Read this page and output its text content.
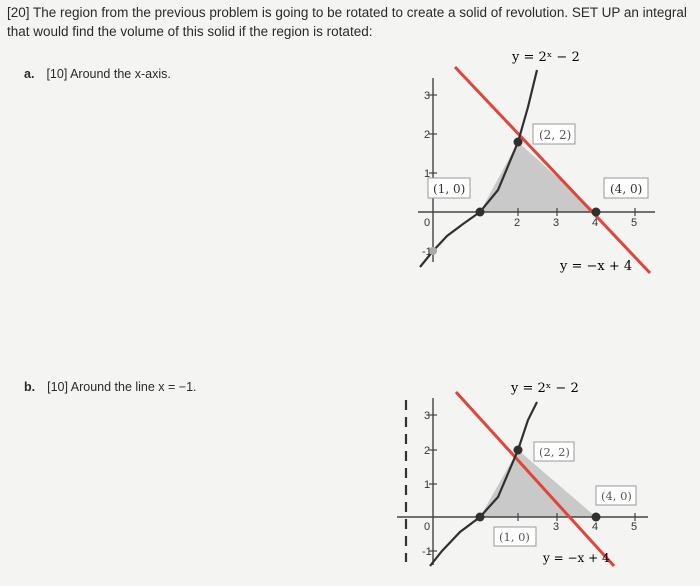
[20] The region from the previous problem is going to be rotated to create a solid of revolution. SET UP an integral that would find the volume of this solid if the region is rotated:
a. [10] Around the x-axis.
b. [10] Around the line x = −1.
y = 2ˣ − 2
y = −x + 4
(2, 2)
(1, 0)	(4, 0)
3
2
1
-1
0	2	3	4	5
y = 2ˣ − 2
y = −x + 4
(2, 2)
(1, 0)
(4, 0)
3
2
1
-1
0	3	4	5
